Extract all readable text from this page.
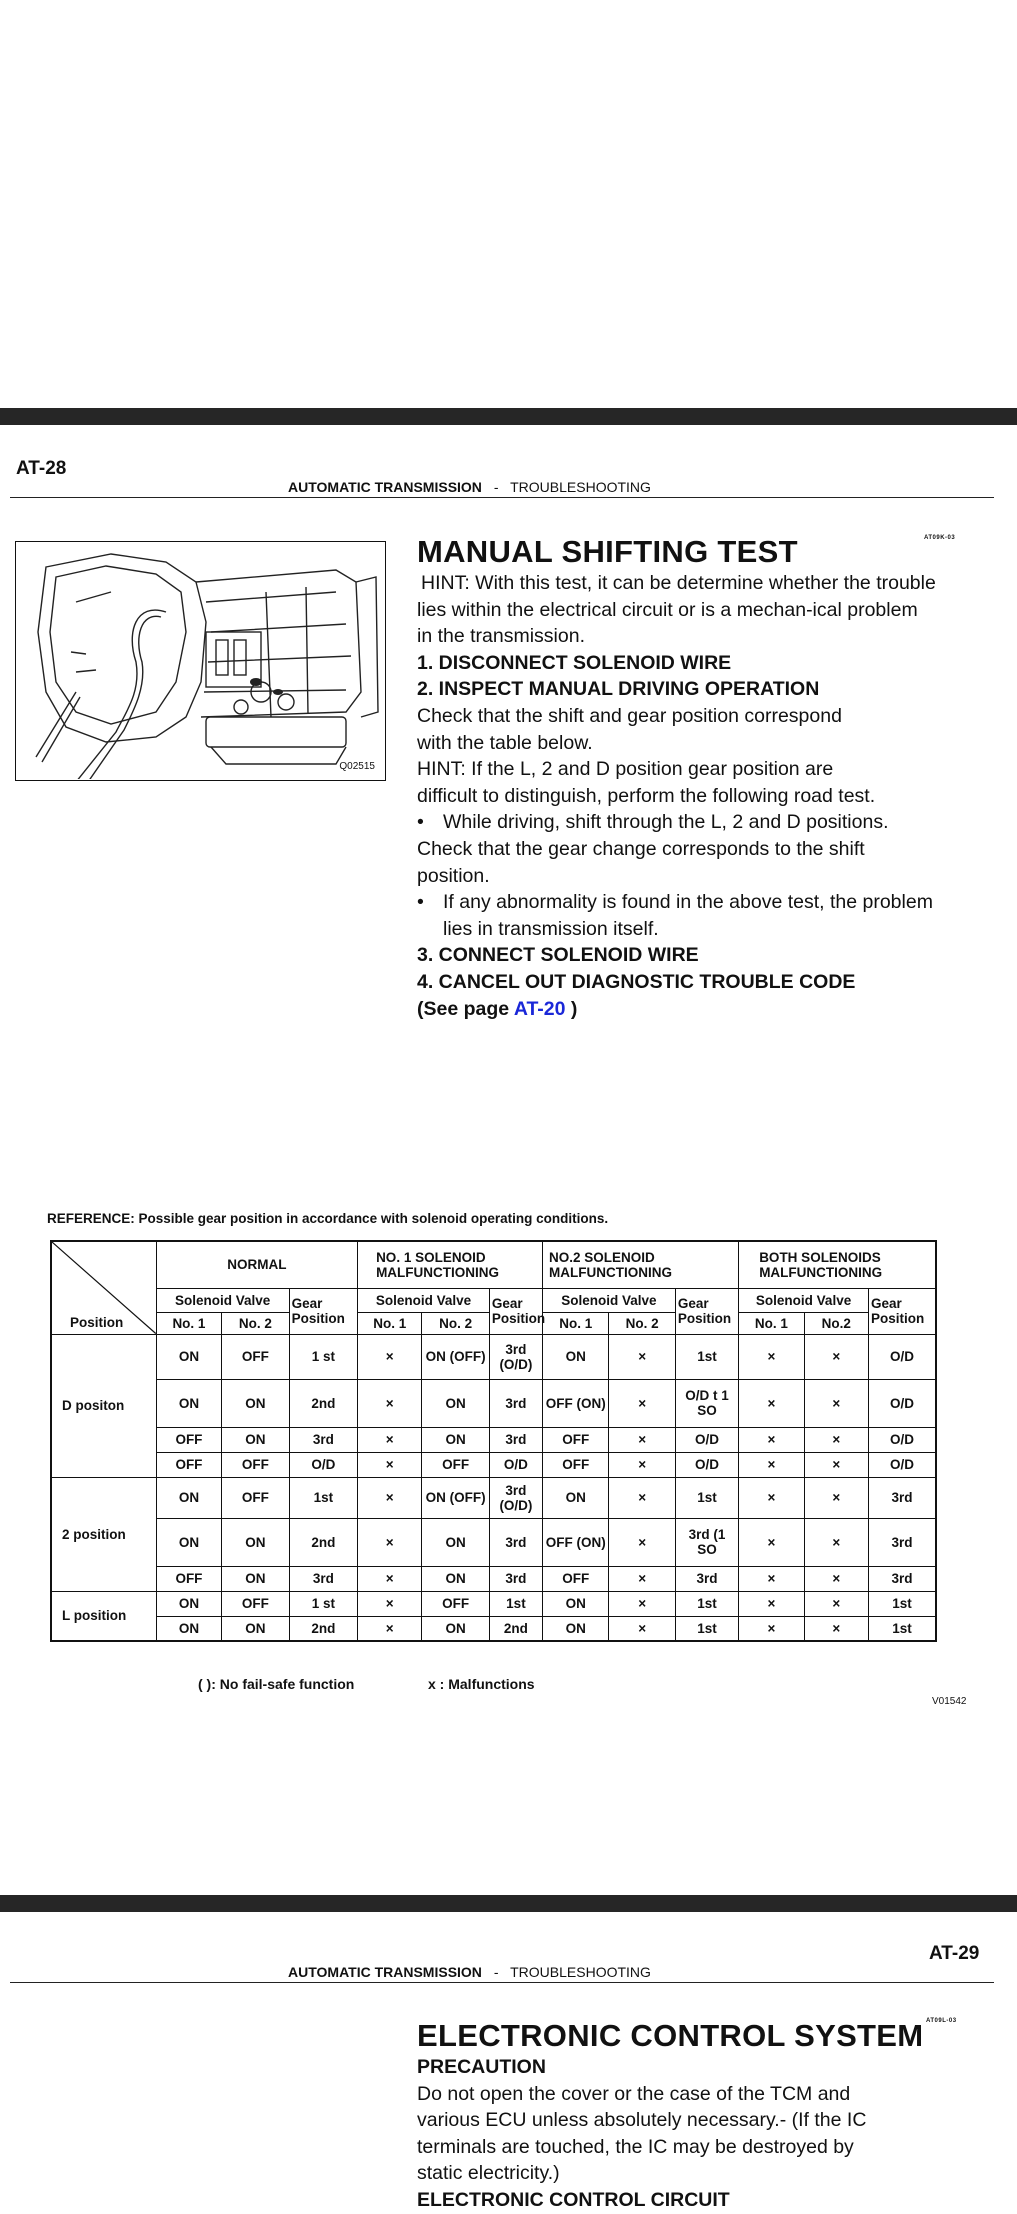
AT-28
AUTOMATIC TRANSMISSION - TROUBLESHOOTING
Q02515
MANUAL SHIFTING TEST	AT09K-03

HINT: With this test, it can be determine whether the trouble lies within the electrical circuit or is a mechan-ical problem in the transmission.

1. DISCONNECT SOLENOID WIRE

2. INSPECT MANUAL DRIVING OPERATION

Check that the shift and gear position correspond with the table below.

HINT: If the L, 2 and D position gear position are difficult to distinguish, perform the following road test.

• While driving, shift through the L, 2 and D positions.

Check that the gear change corresponds to the shift position.

• If any abnormality is found in the above test, the problem lies in transmission itself.

3. CONNECT SOLENOID WIRE

4. CANCEL OUT DIAGNOSTIC TROUBLE CODE

(See page AT-20 )

REFERENCE: Possible gear position in accordance with solenoid operating conditions.
Position	NORMAL			NO. 1 SOLENOID MALFUNCTIONING			NO.2 SOLENOID MALFUNCTIONING			BOTH SOLENOIDS MALFUNCTIONING		
	Solenoid Valve		Gear Position	Solenoid Valve		Gear Position	Solenoid Valve		Gear Position	Solenoid Valve		Gear Position
	No. 1	No. 2		No. 1	No. 2		No. 1	No. 2		No. 1	No.2	
D positon	ON	OFF	1 st	×	ON (OFF)	3rd (O/D)	ON	×	1st	×	×	O/D
	ON	ON	2nd	×	ON	3rd	OFF (ON)	×	O/D t 1 SO	×	×	O/D
	OFF	ON	3rd	×	ON	3rd	OFF	×	O/D	×	×	O/D
	OFF	OFF	O/D	×	OFF	O/D	OFF	×	O/D	×	×	O/D
2 position	ON	OFF	1st	×	ON (OFF)	3rd (O/D)	ON	×	1st	×	×	3rd
	ON	ON	2nd	×	ON	3rd	OFF (ON)	×	3rd (1 SO	×	×	3rd
	OFF	ON	3rd	×	ON	3rd	OFF	×	3rd	×	×	3rd
L position	ON	OFF	1 st	×	OFF	1st	ON	×	1st	×	×	1st
	ON	ON	2nd	×	ON	2nd	ON	×	1st	×	×	1st
( ): No fail-safe function	x : Malfunctions
V01542
AT-29
AUTOMATIC TRANSMISSION - TROUBLESHOOTING
ELECTRONIC CONTROL SYSTEM AT09L-03

PRECAUTION

Do not open the cover or the case of the TCM and various ECU unless absolutely necessary.- (If the IC terminals are touched, the IC may be destroyed by static electricity.)

ELECTRONIC CONTROL CIRCUIT
